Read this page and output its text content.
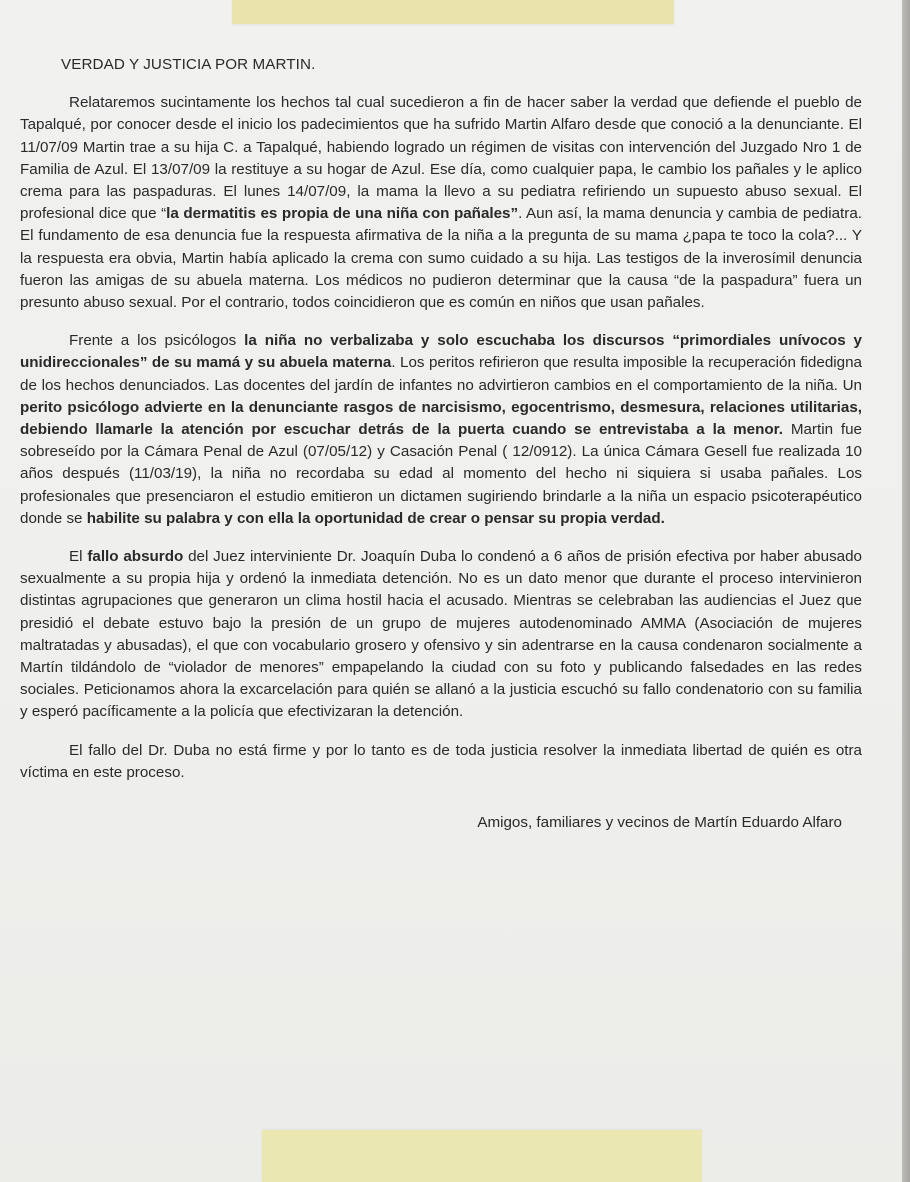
VERDAD Y JUSTICIA POR MARTIN.

Relataremos sucintamente los hechos tal cual sucedieron a fin de hacer saber la verdad que defiende el pueblo de Tapalqué, por conocer desde el inicio los padecimientos que ha sufrido Martin Alfaro desde que conoció a la denunciante. El 11/07/09 Martin trae a su hija C. a Tapalqué, habiendo logrado un régimen de visitas con intervención del Juzgado Nro 1 de Familia de Azul. El 13/07/09 la restituye a su hogar de Azul. Ese día, como cualquier papa, le cambio los pañales y le aplico crema para las paspaduras. El lunes 14/07/09, la mama la llevo a su pediatra refiriendo un supuesto abuso sexual. El profesional dice que “la dermatitis es propia de una niña con pañales”. Aun así, la mama denuncia y cambia de pediatra. El fundamento de esa denuncia fue la respuesta afirmativa de la niña a la pregunta de su mama ¿papa te toco la cola?... Y la respuesta era obvia, Martin había aplicado la crema con sumo cuidado a su hija. Las testigos de la inverosímil denuncia fueron las amigas de su abuela materna. Los médicos no pudieron determinar que la causa “de la paspadura” fuera un presunto abuso sexual. Por el contrario, todos coincidieron que es común en niños que usan pañales.

Frente a los psicólogos la niña no verbalizaba y solo escuchaba los discursos “primordiales unívocos y unidireccionales” de su mamá y su abuela materna. Los peritos refirieron que resulta imposible la recuperación fidedigna de los hechos denunciados. Las docentes del jardín de infantes no advirtieron cambios en el comportamiento de la niña. Un perito psicólogo advierte en la denunciante rasgos de narcisismo, egocentrismo, desmesura, relaciones utilitarias, debiendo llamarle la atención por escuchar detrás de la puerta cuando se entrevistaba a la menor. Martin fue sobreseído por la Cámara Penal de Azul (07/05/12) y Casación Penal ( 12/0912). La única Cámara Gesell fue realizada 10 años después (11/03/19), la niña no recordaba su edad al momento del hecho ni siquiera si usaba pañales. Los profesionales que presenciaron el estudio emitieron un dictamen sugiriendo brindarle a la niña un espacio psicoterapéutico donde se habilite su palabra y con ella la oportunidad de crear o pensar su propia verdad.

El fallo absurdo del Juez interviniente Dr. Joaquín Duba lo condenó a 6 años de prisión efectiva por haber abusado sexualmente a su propia hija y ordenó la inmediata detención. No es un dato menor que durante el proceso intervinieron distintas agrupaciones que generaron un clima hostil hacia el acusado. Mientras se celebraban las audiencias el Juez que presidió el debate estuvo bajo la presión de un grupo de mujeres autodenominado AMMA (Asociación de mujeres maltratadas y abusadas), el que con vocabulario grosero y ofensivo y sin adentrarse en la causa condenaron socialmente a Martín tildándolo de “violador de menores” empapelando la ciudad con su foto y publicando falsedades en las redes sociales. Peticionamos ahora la excarcelación para quién se allanó a la justicia escuchó su fallo condenatorio con su familia y esperó pacíficamente a la policía que efectivizaran la detención.

El fallo del Dr. Duba no está firme y por lo tanto es de toda justicia resolver la inmediata libertad de quién es otra víctima en este proceso.

Amigos, familiares y vecinos de Martín Eduardo Alfaro
